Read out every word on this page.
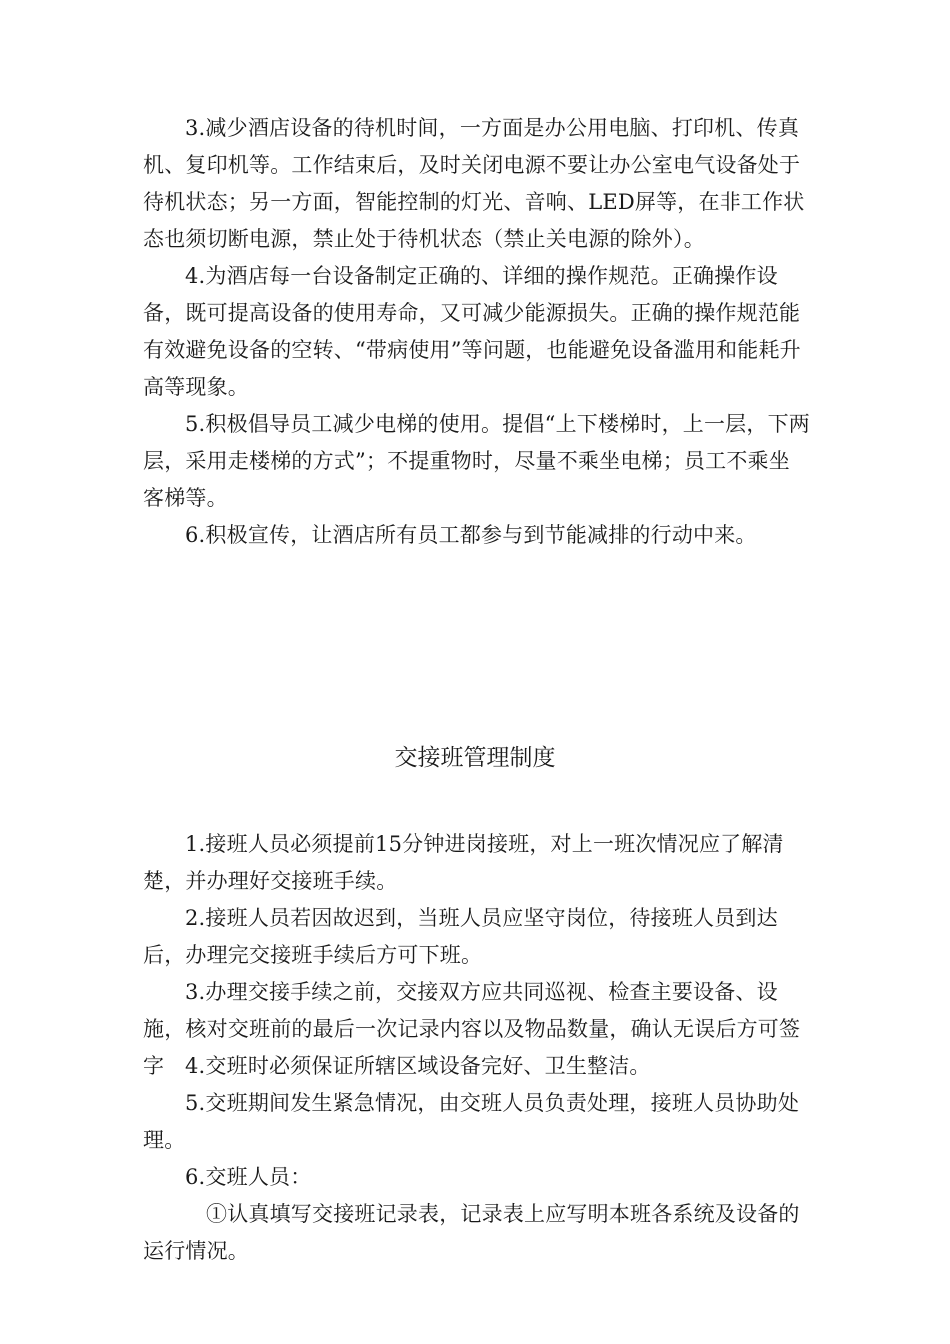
3.减少酒店设备的待机时间，一方面是办公用电脑、打印机、传真机、复印机等。工作结束后，及时关闭电源不要让办公室电气设备处于待机状态；另一方面，智能控制的灯光、音响、LED屏等，在非工作状态也须切断电源，禁止处于待机状态（禁止关电源的除外）。

4.为酒店每一台设备制定正确的、详细的操作规范。正确操作设备，既可提高设备的使用寿命，又可减少能源损失。正确的操作规范能有效避免设备的空转、“带病使用”等问题，也能避免设备滥用和能耗升高等现象。

5.积极倡导员工减少电梯的使用。提倡“上下楼梯时，上一层，下两层，采用走楼梯的方式”；不提重物时，尽量不乘坐电梯；员工不乘坐客梯等。

6.积极宣传，让酒店所有员工都参与到节能减排的行动中来。

交接班管理制度

1.接班人员必须提前15分钟进岗接班，对上一班次情况应了解清楚，并办理好交接班手续。

2.接班人员若因故迟到，当班人员应坚守岗位，待接班人员到达后，办理完交接班手续后方可下班。

3.办理交接手续之前，交接双方应共同巡视、检查主要设备、设施，核对交班前的最后一次记录内容以及物品数量，确认无误后方可签字 4.交班时必须保证所辖区域设备完好、卫生整洁。

5.交班期间发生紧急情况，由交班人员负责处理，接班人员协助处理。

6.交班人员：

①认真填写交接班记录表，记录表上应写明本班各系统及设备的运行情况。
